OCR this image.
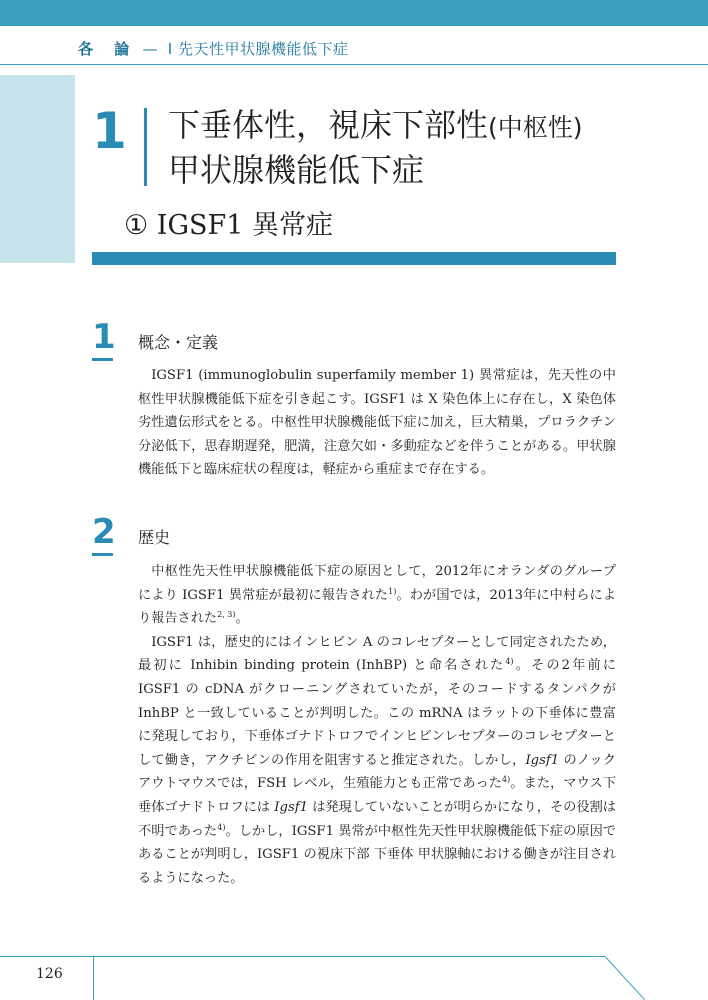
各 論 — I 先天性甲状腺機能低下症
1 下垂体性，視床下部性(中枢性)
甲状腺機能低下症
① IGSF1 異常症
1 概念・定義

IGSF1 (immunoglobulin superfamily member 1) 異常症は，先天性の中枢性甲状腺機能低下症を引き起こす。IGSF1 は X 染色体上に存在し，X 染色体劣性遺伝形式をとる。中枢性甲状腺機能低下症に加え，巨大精巣，プロラクチン分泌低下，思春期遅発，肥満，注意欠如・多動症などを伴うことがある。甲状腺機能低下と臨床症状の程度は，軽症から重症まで存在する。

2 歴史

中枢性先天性甲状腺機能低下症の原因として，2012年にオランダのグループにより IGSF1 異常症が最初に報告された$^{1)}$。わが国では，2013年に中村らにより報告された$^{2, 3)}$。

IGSF1 は，歴史的にはインヒビン A のコレセプターとして同定されたため，最初に Inhibin binding protein (InhBP) と命名された$^{4)}$。その2年前に IGSF1 の cDNA がクローニングされていたが，そのコードするタンパクが InhBP と一致していることが判明した。この mRNA はラットの下垂体に豊富に発現しており，下垂体ゴナドトロフでインヒビンレセプターのコレセプターとして働き，アクチビンの作用を阻害すると推定された。しかし，Igsf1 のノックアウトマウスでは，FSH レベル，生殖能力とも正常であった$^{4)}$。また，マウス下垂体ゴナドトロフには Igsf1 は発現していないことが明らかになり，その役割は不明であった$^{4)}$。しかし，IGSF1 異常が中枢性先天性甲状腺機能低下症の原因であることが判明し，IGSF1 の視床下部 下垂体 甲状腺軸における働きが注目されるようになった。

126
